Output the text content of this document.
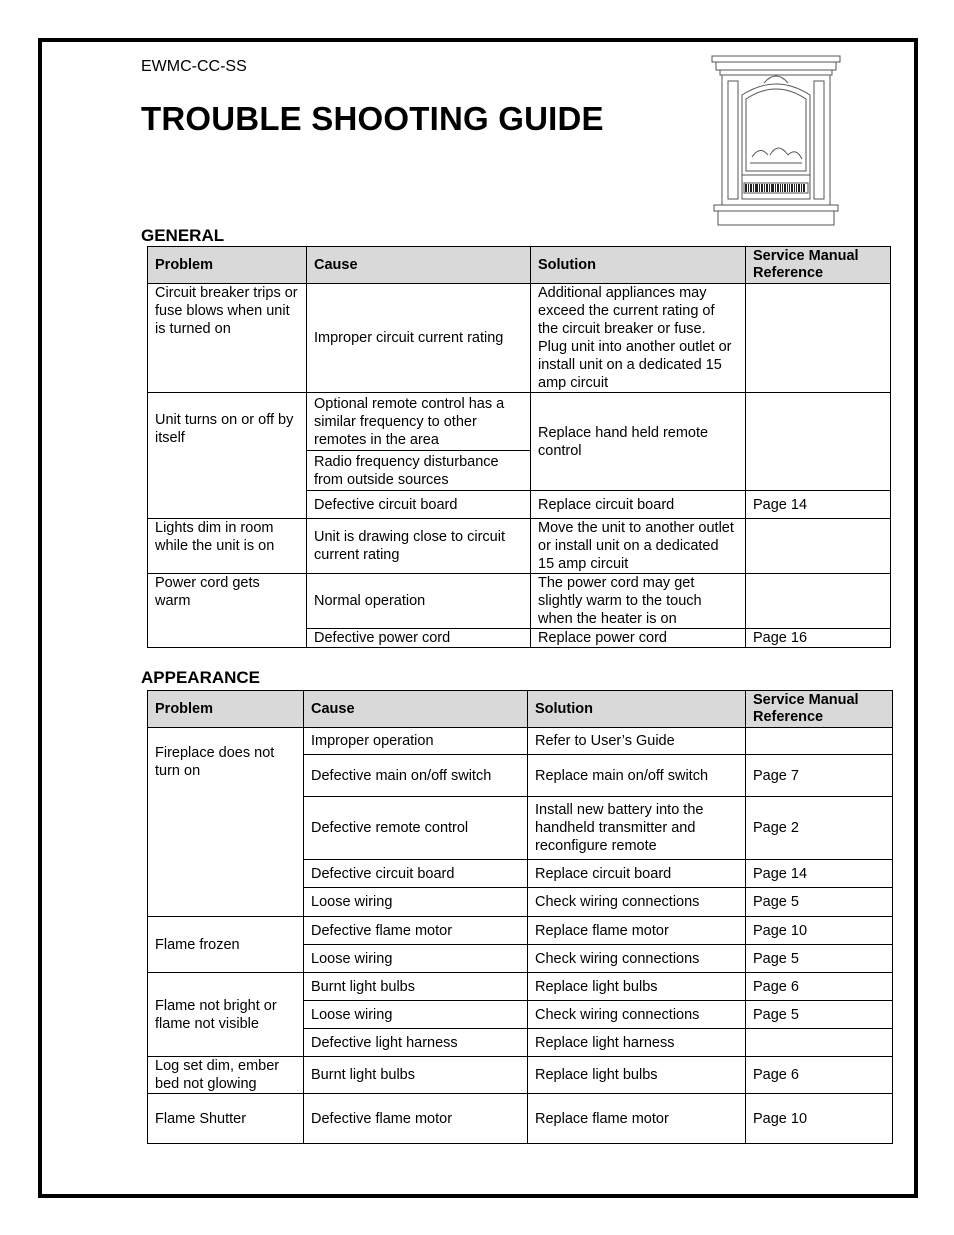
EWMC-CC-SS
TROUBLE SHOOTING GUIDE
GENERAL
Problem	Cause	Solution	Service Manual Reference
Circuit breaker trips or fuse blows when unit is turned on	Improper circuit current rating	Additional appliances may exceed the current rating of the circuit breaker or fuse. Plug unit into another outlet or install unit on a dedicated 15 amp circuit	
Unit turns on or off by itself	Optional remote control has a similar frequency to other remotes in the area	Replace hand held remote control	
	Radio frequency disturbance from outside sources		
	Defective circuit board	Replace circuit board	Page 14
Lights dim in room while the unit is on	Unit is drawing close to circuit current rating	Move the unit to another outlet or install unit on a dedicated 15 amp circuit	
Power cord gets warm	Normal operation	The power cord may get slightly warm to the touch when the heater is on	
	Defective power cord	Replace power cord	Page 16
APPEARANCE
Problem	Cause	Solution	Service Manual Reference
Fireplace does not turn on	Improper operation	Refer to User’s Guide	
	Defective main on/off switch	Replace main on/off switch	Page 7
	Defective remote control	Install new battery into the handheld transmitter and reconfigure remote	Page 2
	Defective circuit board	Replace circuit board	Page 14
	Loose wiring	Check wiring connections	Page 5
Flame frozen	Defective flame motor	Replace flame motor	Page 10
	Loose wiring	Check wiring connections	Page 5
Flame not bright or flame not visible	Burnt light bulbs	Replace light bulbs	Page 6
	Loose wiring	Check wiring connections	Page 5
	Defective light harness	Replace light harness	
Log set dim, ember bed not glowing	Burnt light bulbs	Replace light bulbs	Page 6
Flame Shutter	Defective flame motor	Replace flame motor	Page 10
